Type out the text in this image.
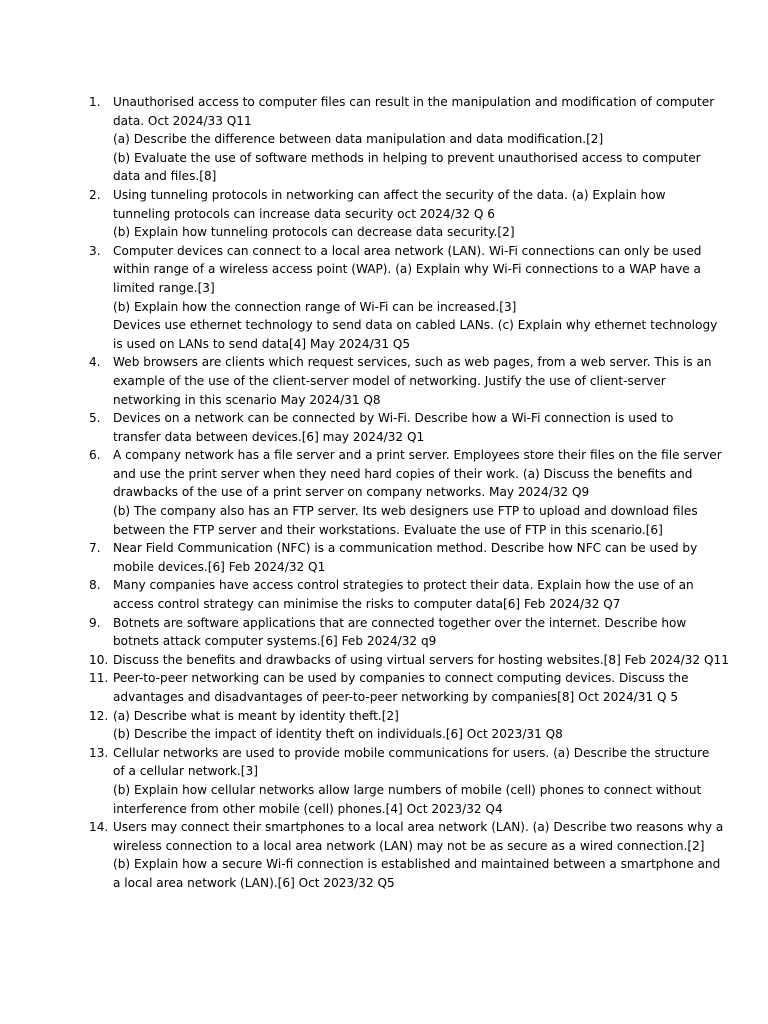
1.	Unauthorised access to computer files can result in the manipulation and modification of computer
data. Oct 2024/33 Q11
(a) Describe the difference between data manipulation and data modification.[2]
(b) Evaluate the use of software methods in helping to prevent unauthorised access to computer
data and files.[8]
2.	Using tunneling protocols in networking can affect the security of the data. (a) Explain how
tunneling protocols can increase data security oct 2024/32 Q 6
(b) Explain how tunneling protocols can decrease data security.[2]
3.	Computer devices can connect to a local area network (LAN). Wi-Fi connections can only be used
within range of a wireless access point (WAP). (a) Explain why Wi-Fi connections to a WAP have a
limited range.[3]
(b) Explain how the connection range of Wi-Fi can be increased.[3]
Devices use ethernet technology to send data on cabled LANs. (c) Explain why ethernet technology
is used on LANs to send data[4] May 2024/31 Q5
4.	Web browsers are clients which request services, such as web pages, from a web server. This is an
example of the use of the client-server model of networking. Justify the use of client-server
networking in this scenario May 2024/31 Q8
5.	Devices on a network can be connected by Wi-Fi. Describe how a Wi-Fi connection is used to
transfer data between devices.[6] may 2024/32 Q1
6.	A company network has a file server and a print server. Employees store their files on the file server
and use the print server when they need hard copies of their work. (a) Discuss the benefits and
drawbacks of the use of a print server on company networks. May 2024/32 Q9
(b) The company also has an FTP server. Its web designers use FTP to upload and download files
between the FTP server and their workstations. Evaluate the use of FTP in this scenario.[6]
7.	Near Field Communication (NFC) is a communication method. Describe how NFC can be used by
mobile devices.[6] Feb 2024/32 Q1
8.	Many companies have access control strategies to protect their data. Explain how the use of an
access control strategy can minimise the risks to computer data[6] Feb 2024/32 Q7
9.	Botnets are software applications that are connected together over the internet. Describe how
botnets attack computer systems.[6] Feb 2024/32 q9
10. Discuss the benefits and drawbacks of using virtual servers for hosting websites.[8] Feb 2024/32 Q11
11. Peer-to-peer networking can be used by companies to connect computing devices. Discuss the
advantages and disadvantages of peer-to-peer networking by companies[8] Oct 2024/31 Q 5
12. (a) Describe what is meant by identity theft.[2]
(b) Describe the impact of identity theft on individuals.[6] Oct 2023/31 Q8
13. Cellular networks are used to provide mobile communications for users. (a) Describe the structure
of a cellular network.[3]
(b) Explain how cellular networks allow large numbers of mobile (cell) phones to connect without
interference from other mobile (cell) phones.[4] Oct 2023/32 Q4
14. Users may connect their smartphones to a local area network (LAN). (a) Describe two reasons why a
wireless connection to a local area network (LAN) may not be as secure as a wired connection.[2]
(b) Explain how a secure Wi-fi connection is established and maintained between a smartphone and
a local area network (LAN).[6] Oct 2023/32 Q5
